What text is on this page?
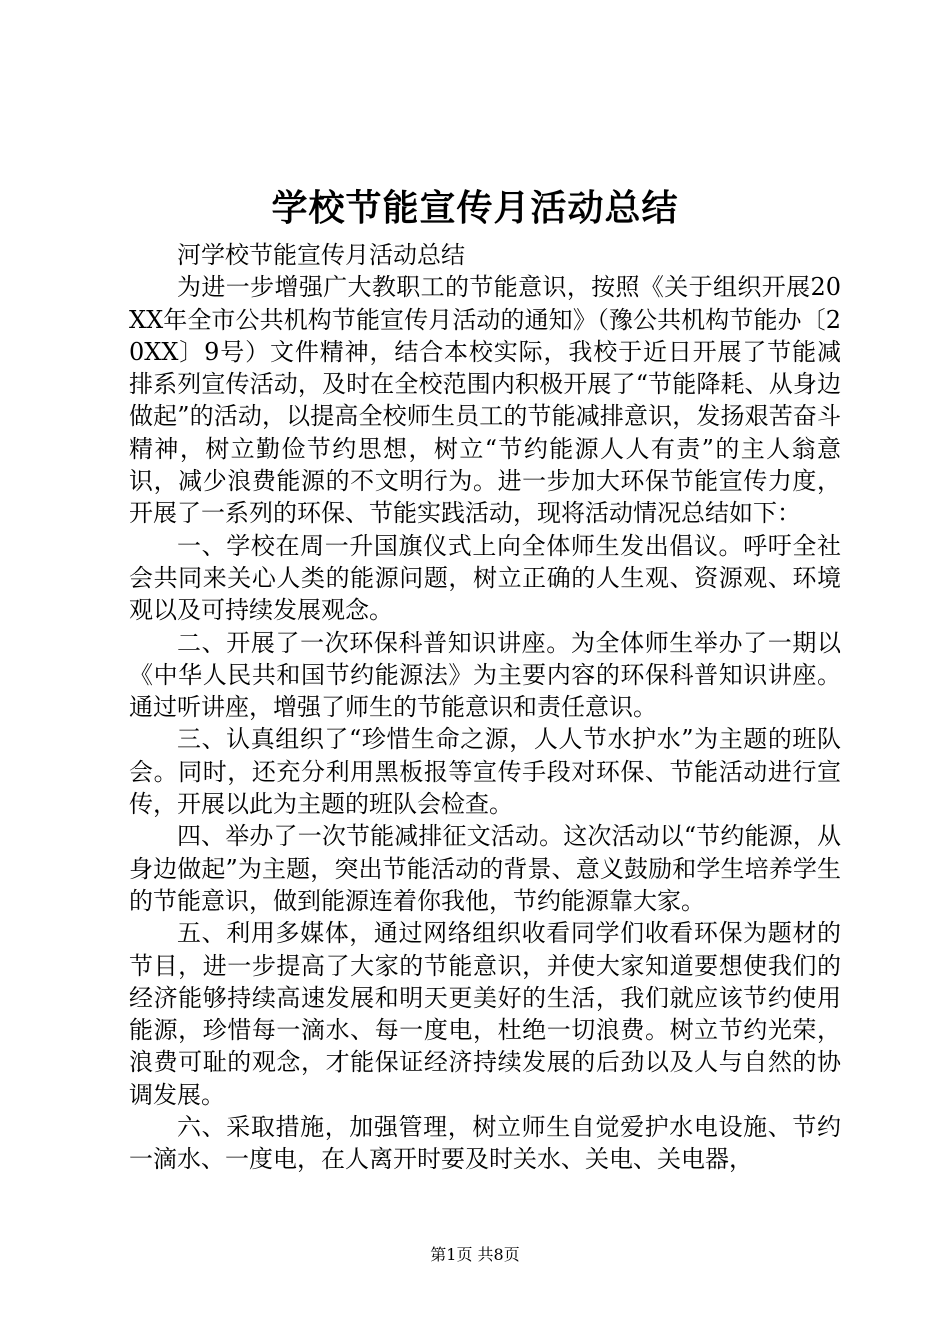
学校节能宣传月活动总结

河学校节能宣传月活动总结

为进一步增强广大教职工的节能意识，按照《关于组织开展20XX年全市公共机构节能宣传月活动的通知》（豫公共机构节能办〔20XX〕9号）文件精神，结合本校实际，我校于近日开展了节能减排系列宣传活动，及时在全校范围内积极开展了“节能降耗、从身边做起”的活动，以提高全校师生员工的节能减排意识，发扬艰苦奋斗精神，树立勤俭节约思想，树立“节约能源人人有责”的主人翁意识，减少浪费能源的不文明行为。进一步加大环保节能宣传力度，开展了一系列的环保、节能实践活动，现将活动情况总结如下：

一、学校在周一升国旗仪式上向全体师生发出倡议。呼吁全社会共同来关心人类的能源问题，树立正确的人生观、资源观、环境观以及可持续发展观念。

二、开展了一次环保科普知识讲座。为全体师生举办了一期以《中华人民共和国节约能源法》为主要内容的环保科普知识讲座。通过听讲座，增强了师生的节能意识和责任意识。

三、认真组织了“珍惜生命之源，人人节水护水”为主题的班队会。同时，还充分利用黑板报等宣传手段对环保、节能活动进行宣传，开展以此为主题的班队会检查。

四、举办了一次节能减排征文活动。这次活动以“节约能源，从身边做起”为主题，突出节能活动的背景、意义鼓励和学生培养学生的节能意识，做到能源连着你我他，节约能源靠大家。

五、利用多媒体，通过网络组织收看同学们收看环保为题材的节目，进一步提高了大家的节能意识，并使大家知道要想使我们的经济能够持续高速发展和明天更美好的生活，我们就应该节约使用能源，珍惜每一滴水、每一度电，杜绝一切浪费。树立节约光荣，浪费可耻的观念，才能保证经济持续发展的后劲以及人与自然的协调发展。

六、采取措施，加强管理，树立师生自觉爱护水电设施、节约一滴水、一度电，在人离开时要及时关水、关电、关电器，

第1页 共8页
